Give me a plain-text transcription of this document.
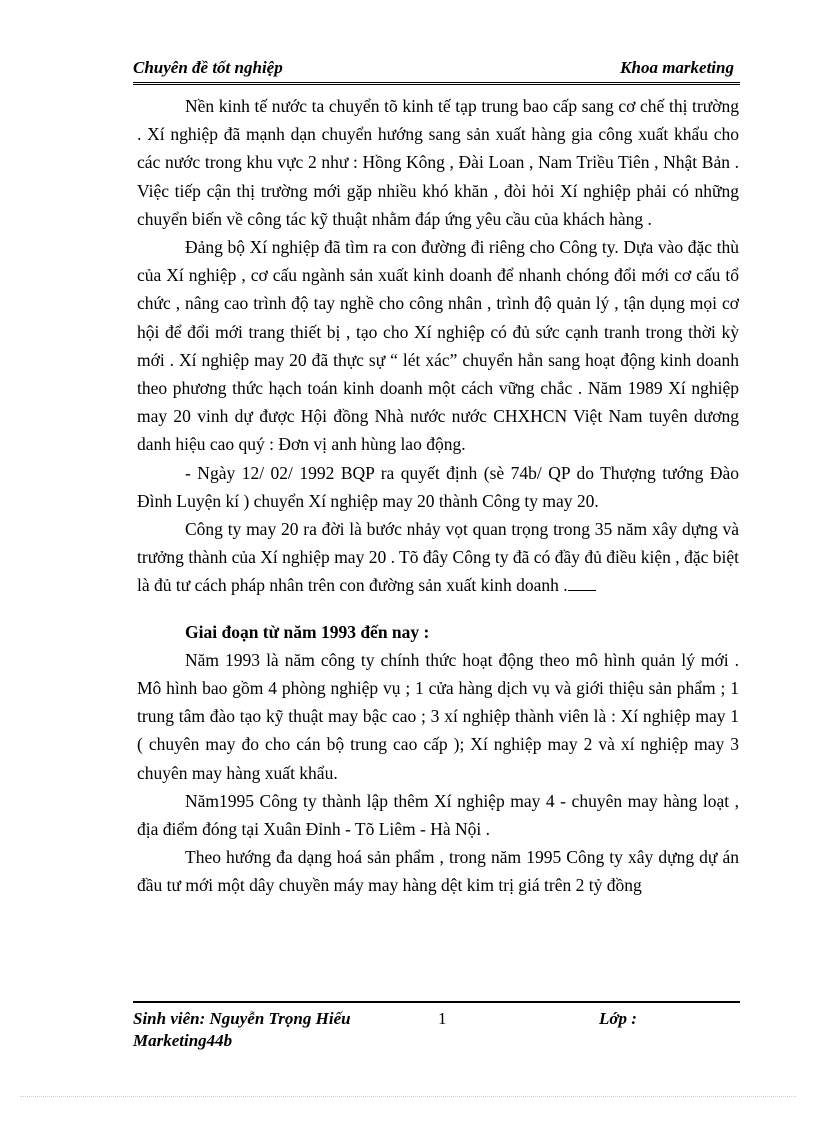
Chuyên đề tốt nghiệp	Khoa marketing

Nền kinh tế nước ta chuyển tõ kinh tế tạp trung bao cấp sang cơ chế thị trường . Xí nghiệp đã mạnh dạn chuyển hướng sang sản xuất hàng gia công xuất khẩu cho các nước trong khu vực 2 như : Hồng Kông , Đài Loan , Nam Triều Tiên , Nhật Bản . Việc tiếp cận thị trường mới gặp nhiều khó khăn , đòi hỏi Xí nghiệp phải có những chuyển biến về công tác kỹ thuật nhằm đáp ứng yêu cầu của khách hàng .

Đảng bộ Xí nghiệp đã tìm ra con đường đi riêng cho Công ty. Dựa vào đặc thù của Xí nghiệp , cơ cấu ngành sản xuất kinh doanh để nhanh chóng đổi mới cơ cấu tổ chức , nâng cao trình độ tay nghề cho công nhân , trình độ quản lý , tận dụng mọi cơ hội để đổi mới trang thiết bị , tạo cho Xí nghiệp có đủ sức cạnh tranh trong thời kỳ mới . Xí nghiệp may 20 đã thực sự “ lét xác” chuyển hẳn sang hoạt động kinh doanh theo phương thức hạch toán kinh doanh một cách vững chắc . Năm 1989 Xí nghiệp may 20 vinh dự được Hội đồng Nhà nước nước CHXHCN Việt Nam tuyên dương danh hiệu cao quý : Đơn vị anh hùng lao động.

- Ngày 12/ 02/ 1992 BQP ra quyết định (sè 74b/ QP do Thượng tướng Đào Đình Luyện kí ) chuyển Xí nghiệp may 20 thành Công ty may 20.

Công ty may 20 ra đời là bước nhảy vọt quan trọng trong 35 năm xây dựng và trưởng thành của Xí nghiệp may 20 . Tõ đây Công ty đã có đầy đủ điều kiện , đặc biệt là đủ tư cách pháp nhân trên con đường sản xuất kinh doanh .

Giai đoạn từ năm 1993 đến nay :

Năm 1993 là năm công ty chính thức hoạt động theo mô hình quản lý mới . Mô hình bao gồm 4 phòng nghiệp vụ ; 1 cửa hàng dịch vụ và giới thiệu sản phẩm ; 1 trung tâm đào tạo kỹ thuật may bậc cao ; 3 xí nghiệp thành viên là : Xí nghiệp may 1 ( chuyên may đo cho cán bộ trung cao cấp ); Xí nghiệp may 2 và xí nghiệp may 3 chuyên may hàng xuất khẩu.

Năm1995 Công ty thành lập thêm Xí nghiệp may 4 - chuyên may hàng loạt , địa điểm đóng tại Xuân Đỉnh - Tõ Liêm - Hà Nội .

Theo hướng đa dạng hoá sản phẩm , trong năm 1995 Công ty xây dựng dự án đầu tư mới một dây chuyền máy may hàng dệt kim trị giá trên 2 tỷ đồng

Sinh viên: Nguyễn Trọng Hiếu
Marketing44b
1	Lớp :
